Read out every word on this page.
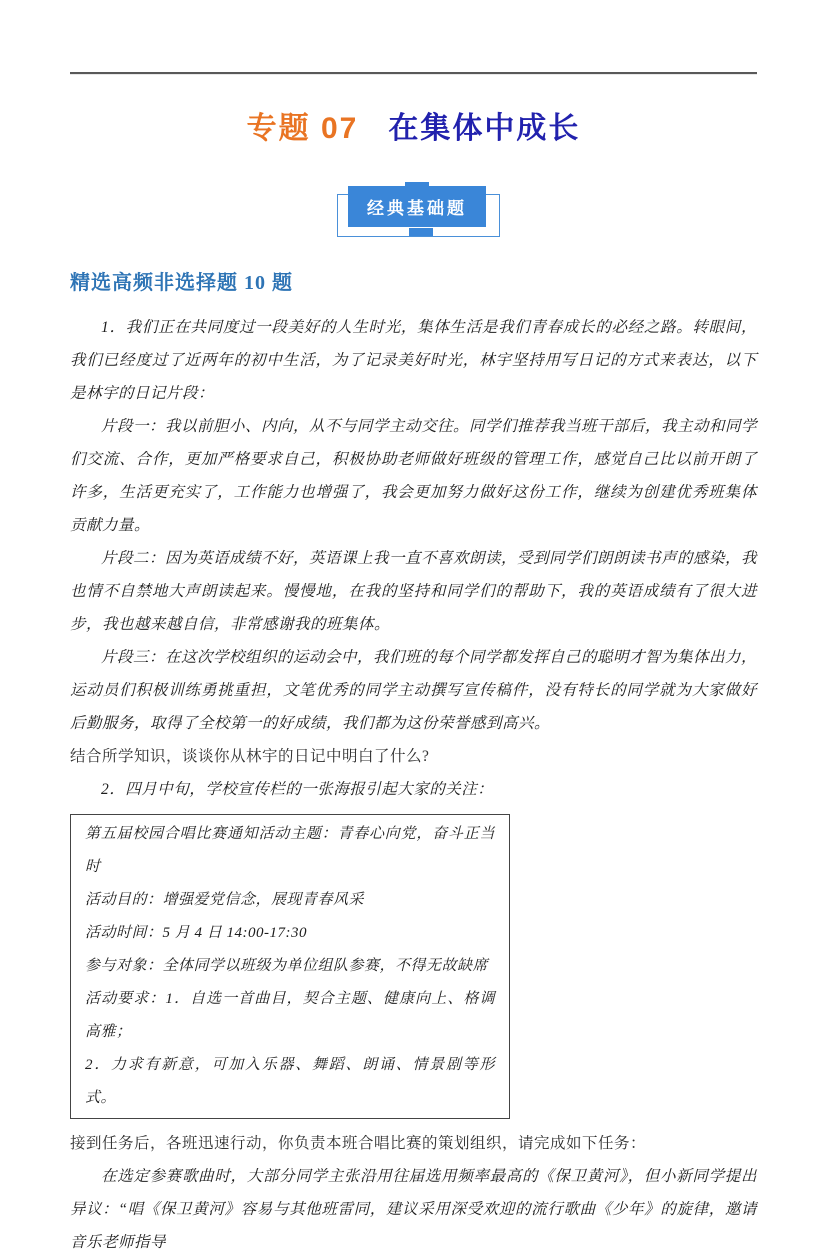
专题 07 在集体中成长
经典基础题
精选高频非选择题 10 题

1．我们正在共同度过一段美好的人生时光，集体生活是我们青春成长的必经之路。转眼间，我们已经度过了近两年的初中生活，为了记录美好时光，林宇坚持用写日记的方式来表达，以下是林宇的日记片段：

片段一：我以前胆小、内向，从不与同学主动交往。同学们推荐我当班干部后，我主动和同学们交流、合作，更加严格要求自己，积极协助老师做好班级的管理工作，感觉自己比以前开朗了许多，生活更充实了，工作能力也增强了，我会更加努力做好这份工作，继续为创建优秀班集体贡献力量。

片段二：因为英语成绩不好，英语课上我一直不喜欢朗读，受到同学们朗朗读书声的感染，我也情不自禁地大声朗读起来。慢慢地，在我的坚持和同学们的帮助下，我的英语成绩有了很大进步，我也越来越自信，非常感谢我的班集体。

片段三：在这次学校组织的运动会中，我们班的每个同学都发挥自己的聪明才智为集体出力，运动员们积极训练勇挑重担，文笔优秀的同学主动撰写宣传稿件，没有特长的同学就为大家做好后勤服务，取得了全校第一的好成绩，我们都为这份荣誉感到高兴。

结合所学知识，谈谈你从林宇的日记中明白了什么?

2．四月中旬，学校宣传栏的一张海报引起大家的关注：

第五届校园合唱比赛通知活动主题：青春心向党，奋斗正当时

活动目的：增强爱党信念，展现青春风采

活动时间：5 月 4 日 14:00-17:30

参与对象：全体同学以班级为单位组队参赛，不得无故缺席

活动要求：1．自选一首曲目，契合主题、健康向上、格调高雅；

2．力求有新意，可加入乐器、舞蹈、朗诵、情景剧等形式。

接到任务后，各班迅速行动，你负责本班合唱比赛的策划组织，请完成如下任务：

在选定参赛歌曲时，大部分同学主张沿用往届选用频率最高的《保卫黄河》，但小新同学提出异议：“唱《保卫黄河》容易与其他班雷同，建议采用深受欢迎的流行歌曲《少年》的旋律，邀请音乐老师指导
